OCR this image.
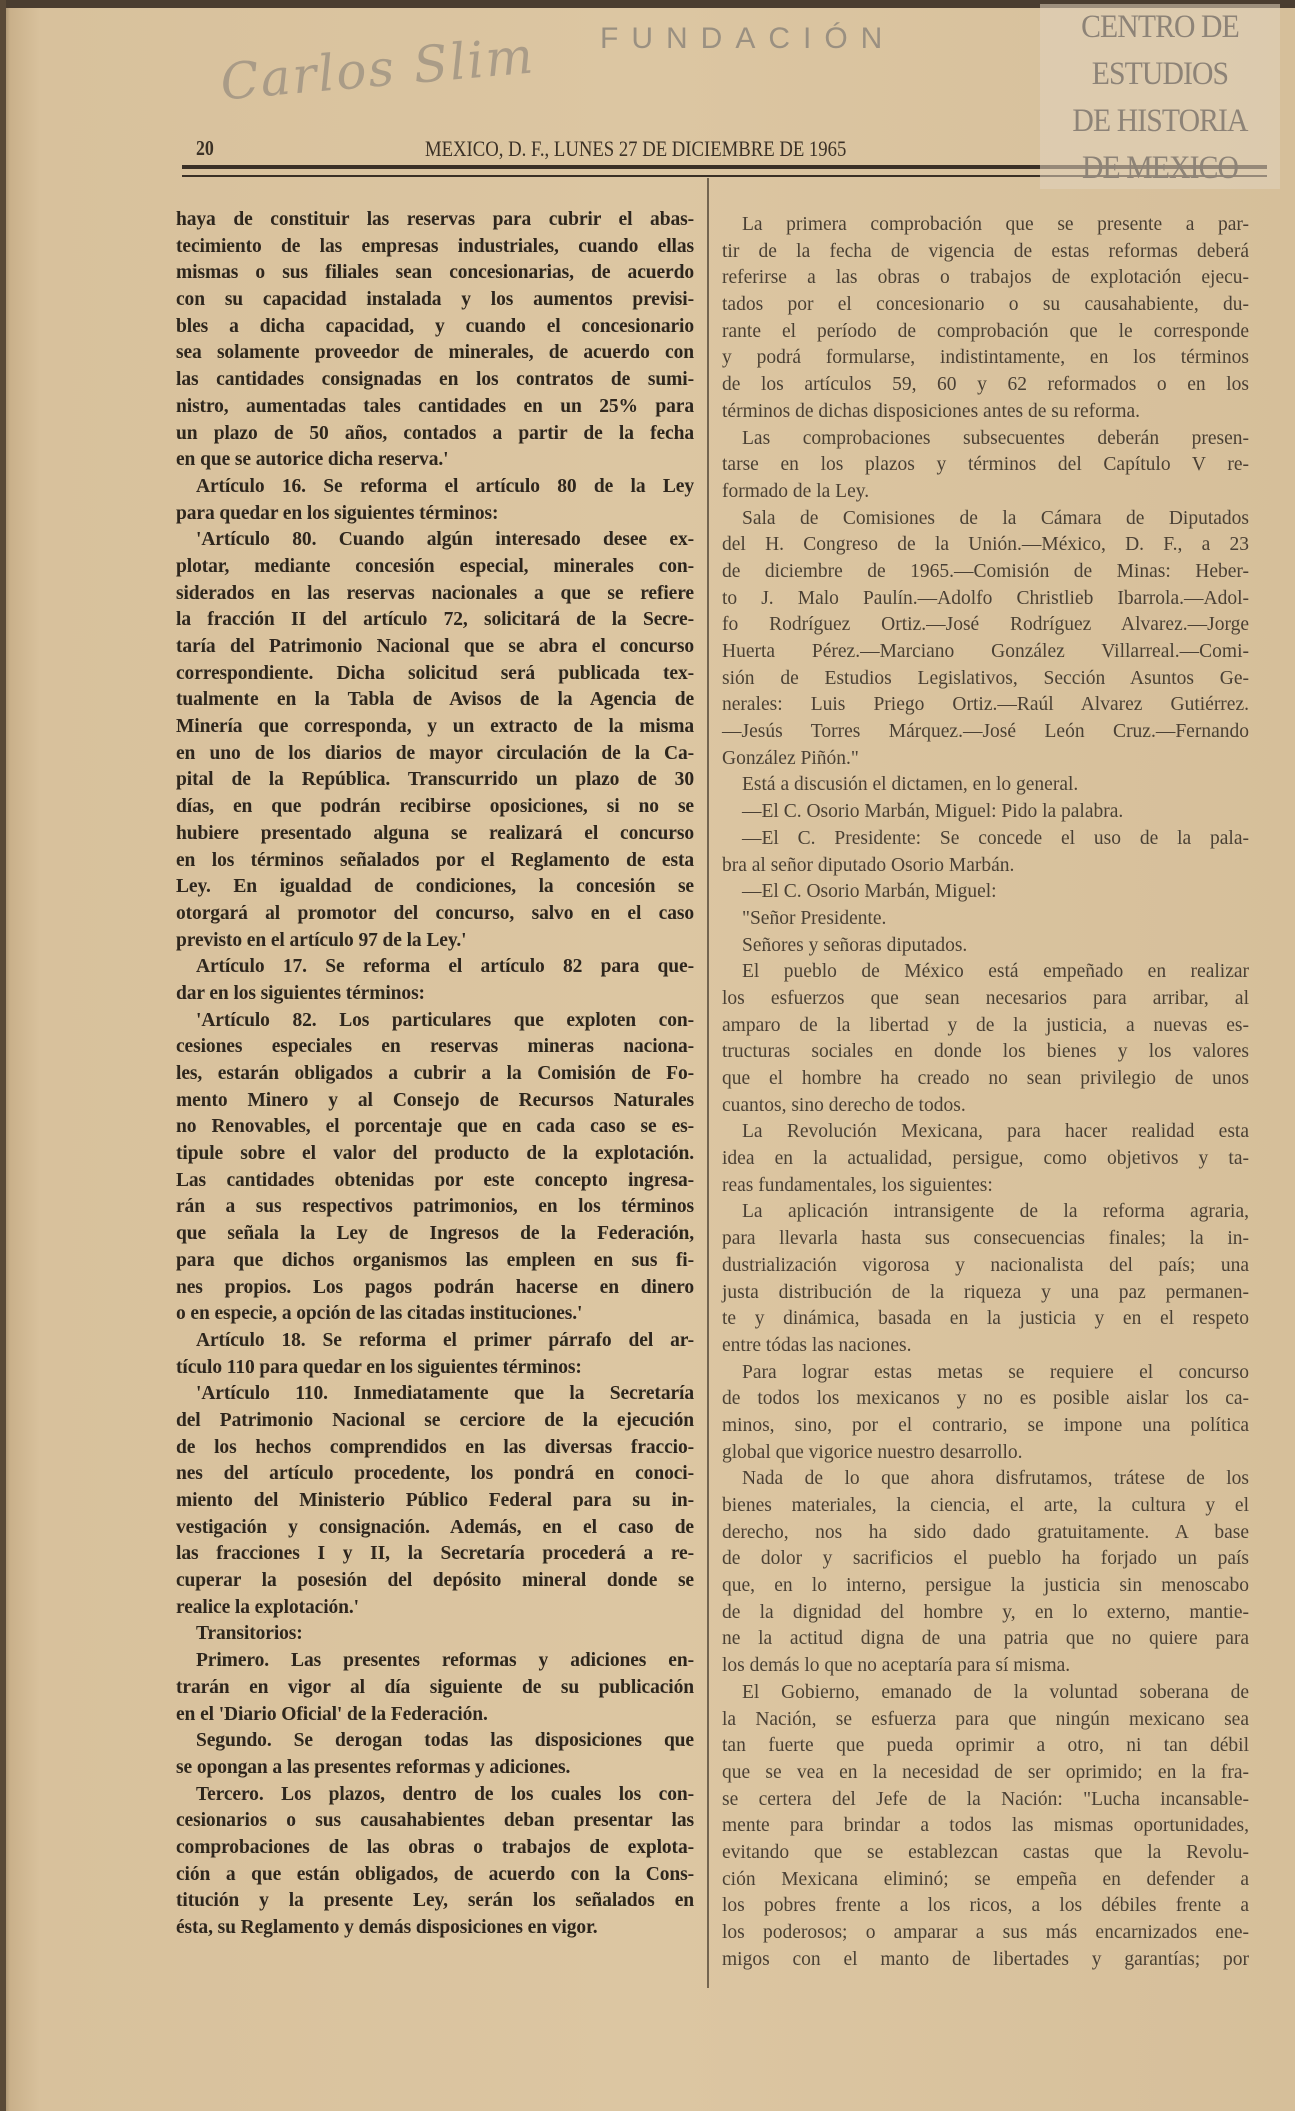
20	MEXICO, D. F., LUNES 27 DE DICIEMBRE DE 1965
haya de constituir las reservas para cubrir el abas-
tecimiento de las empresas industriales, cuando ellas
mismas o sus filiales sean concesionarias, de acuerdo
con su capacidad instalada y los aumentos previsi-
bles a dicha capacidad, y cuando el concesionario
sea solamente proveedor de minerales, de acuerdo con
las cantidades consignadas en los contratos de sumi-
nistro, aumentadas tales cantidades en un 25% para
un plazo de 50 años, contados a partir de la fecha
en que se autorice dicha reserva.'
Artículo 16. Se reforma el artículo 80 de la Ley
para quedar en los siguientes términos:
'Artículo 80. Cuando algún interesado desee ex-
plotar, mediante concesión especial, minerales con-
siderados en las reservas nacionales a que se refiere
la fracción II del artículo 72, solicitará de la Secre-
taría del Patrimonio Nacional que se abra el concurso
correspondiente. Dicha solicitud será publicada tex-
tualmente en la Tabla de Avisos de la Agencia de
Minería que corresponda, y un extracto de la misma
en uno de los diarios de mayor circulación de la Ca-
pital de la República. Transcurrido un plazo de 30
días, en que podrán recibirse oposiciones, si no se
hubiere presentado alguna se realizará el concurso
en los términos señalados por el Reglamento de esta
Ley. En igualdad de condiciones, la concesión se
otorgará al promotor del concurso, salvo en el caso
previsto en el artículo 97 de la Ley.'
Artículo 17. Se reforma el artículo 82 para que-
dar en los siguientes términos:
'Artículo 82. Los particulares que exploten con-
cesiones especiales en reservas mineras naciona-
les, estarán obligados a cubrir a la Comisión de Fo-
mento Minero y al Consejo de Recursos Naturales
no Renovables, el porcentaje que en cada caso se es-
tipule sobre el valor del producto de la explotación.
Las cantidades obtenidas por este concepto ingresa-
rán a sus respectivos patrimonios, en los términos
que señala la Ley de Ingresos de la Federación,
para que dichos organismos las empleen en sus fi-
nes propios. Los pagos podrán hacerse en dinero
o en especie, a opción de las citadas instituciones.'
Artículo 18. Se reforma el primer párrafo del ar-
tículo 110 para quedar en los siguientes términos:
'Artículo 110. Inmediatamente que la Secretaría
del Patrimonio Nacional se cerciore de la ejecución
de los hechos comprendidos en las diversas fraccio-
nes del artículo procedente, los pondrá en conoci-
miento del Ministerio Público Federal para su in-
vestigación y consignación. Además, en el caso de
las fracciones I y II, la Secretaría procederá a re-
cuperar la posesión del depósito mineral donde se
realice la explotación.'
Transitorios:
Primero. Las presentes reformas y adiciones en-
trarán en vigor al día siguiente de su publicación
en el 'Diario Oficial' de la Federación.
Segundo. Se derogan todas las disposiciones que
se opongan a las presentes reformas y adiciones.
Tercero. Los plazos, dentro de los cuales los con-
cesionarios o sus causahabientes deban presentar las
comprobaciones de las obras o trabajos de explota-
ción a que están obligados, de acuerdo con la Cons-
titución y la presente Ley, serán los señalados en
ésta, su Reglamento y demás disposiciones en vigor.
La primera comprobación que se presente a par-
tir de la fecha de vigencia de estas reformas deberá
referirse a las obras o trabajos de explotación ejecu-
tados por el concesionario o su causahabiente, du-
rante el período de comprobación que le corresponde
y podrá formularse, indistintamente, en los términos
de los artículos 59, 60 y 62 reformados o en los
términos de dichas disposiciones antes de su reforma.
Las comprobaciones subsecuentes deberán presen-
tarse en los plazos y términos del Capítulo V re-
formado de la Ley.
Sala de Comisiones de la Cámara de Diputados
del H. Congreso de la Unión.—México, D. F., a 23
de diciembre de 1965.—Comisión de Minas: Heber-
to J. Malo Paulín.—Adolfo Christlieb Ibarrola.—Adol-
fo Rodríguez Ortiz.—José Rodríguez Alvarez.—Jorge
Huerta Pérez.—Marciano González Villarreal.—Comi-
sión de Estudios Legislativos, Sección Asuntos Ge-
nerales: Luis Priego Ortiz.—Raúl Alvarez Gutiérrez.
—Jesús Torres Márquez.—José León Cruz.—Fernando
González Piñón."
Está a discusión el dictamen, en lo general.
—El C. Osorio Marbán, Miguel: Pido la palabra.
—El C. Presidente: Se concede el uso de la pala-
bra al señor diputado Osorio Marbán.
—El C. Osorio Marbán, Miguel:
"Señor Presidente.
Señores y señoras diputados.
El pueblo de México está empeñado en realizar
los esfuerzos que sean necesarios para arribar, al
amparo de la libertad y de la justicia, a nuevas es-
tructuras sociales en donde los bienes y los valores
que el hombre ha creado no sean privilegio de unos
cuantos, sino derecho de todos.
La Revolución Mexicana, para hacer realidad esta
idea en la actualidad, persigue, como objetivos y ta-
reas fundamentales, los siguientes:
La aplicación intransigente de la reforma agraria,
para llevarla hasta sus consecuencias finales; la in-
dustrialización vigorosa y nacionalista del país; una
justa distribución de la riqueza y una paz permanen-
te y dinámica, basada en la justicia y en el respeto
entre tódas las naciones.
Para lograr estas metas se requiere el concurso
de todos los mexicanos y no es posible aislar los ca-
minos, sino, por el contrario, se impone una política
global que vigorice nuestro desarrollo.
Nada de lo que ahora disfrutamos, trátese de los
bienes materiales, la ciencia, el arte, la cultura y el
derecho, nos ha sido dado gratuitamente. A base
de dolor y sacrificios el pueblo ha forjado un país
que, en lo interno, persigue la justicia sin menoscabo
de la dignidad del hombre y, en lo externo, mantie-
ne la actitud digna de una patria que no quiere para
los demás lo que no aceptaría para sí misma.
El Gobierno, emanado de la voluntad soberana de
la Nación, se esfuerza para que ningún mexicano sea
tan fuerte que pueda oprimir a otro, ni tan débil
que se vea en la necesidad de ser oprimido; en la fra-
se certera del Jefe de la Nación: "Lucha incansable-
mente para brindar a todos las mismas oportunidades,
evitando que se establezcan castas que la Revolu-
ción Mexicana eliminó; se empeña en defender a
los pobres frente a los ricos, a los débiles frente a
los poderosos; o amparar a sus más encarnizados ene-
migos con el manto de libertades y garantías; por
CENTRO DE
ESTUDIOS
DE HISTORIA
DE MEXICO
FUNDACIÓN
Carlos Slim
